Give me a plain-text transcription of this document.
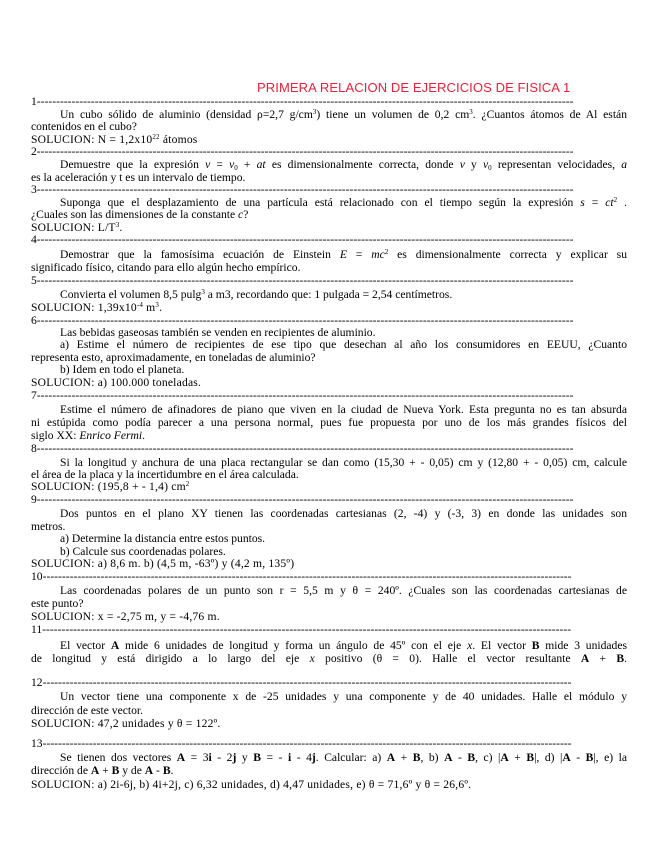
PRIMERA RELACION DE EJERCICIOS DE FISICA 1
1-------------------------------------------------------------------------------------------------------------------------------------------
Un cubo sólido de aluminio (densidad ρ=2,7 $g/cm^3$) tiene un volumen de 0,2 $cm^3$. ¿Cuantos átomos de Al están
contenidos en el cubo?
SOLUCION: $N = 1,2x10^{22}$ átomos
2-------------------------------------------------------------------------------------------------------------------------------------------
Demuestre que la expresión $v = v_0$ + at es dimensionalmente correcta, donde v y $v_0$ representan velocidades, a
es la aceleración y t es un intervalo de tiempo.
3-------------------------------------------------------------------------------------------------------------------------------------------
Suponga que el desplazamiento de una partícula está relacionado con el tiempo según la expresión $s = ct^2$ .
¿Cuales son las dimensiones de la constante c?
SOLUCION: $L/T^3$.
4-------------------------------------------------------------------------------------------------------------------------------------------
Demostrar que la famosísima ecuación de Einstein $E = mc^2$ es dimensionalmente correcta y explicar su
significado físico, citando para ello algún hecho empírico.
5-------------------------------------------------------------------------------------------------------------------------------------------
Convierta el volumen 8,5 pulg$^3$ a m3, recordando que: 1 pulgada = 2,54 centímetros.
SOLUCION: $1,39x10^{-4}$ $m^3$.
6-------------------------------------------------------------------------------------------------------------------------------------------
Las bebidas gaseosas también se venden en recipientes de aluminio.
a) Estime el número de recipientes de ese tipo que desechan al año los consumidores en EEUU, ¿Cuanto
representa esto, aproximadamente, en toneladas de aluminio?
b) Idem en todo el planeta.
SOLUCION: a) 100.000 toneladas.
7-------------------------------------------------------------------------------------------------------------------------------------------
Estime el número de afinadores de piano que viven en la ciudad de Nueva York. Esta pregunta no es tan absurda
ni estúpida como podía parecer a una persona normal, pues fue propuesta por uno de los más grandes físicos del
siglo XX: Enrico Fermi.
8-------------------------------------------------------------------------------------------------------------------------------------------
Si la longitud y anchura de una placa rectangular se dan como (15,30 + - 0,05) cm y (12,80 + - 0,05) cm, calcule
el área de la placa y la incertidumbre en el área calculada.
SOLUCION: (195,8 + - 1,4) $cm^2$
9-------------------------------------------------------------------------------------------------------------------------------------------
Dos puntos en el plano XY tienen las coordenadas cartesianas (2, -4) y (-3, 3) en donde las unidades son
metros.
a) Determine la distancia entre estos puntos.
b) Calcule sus coordenadas polares.
SOLUCION: a) 8,6 m. b) (4,5 m, -63º) y (4,2 m, 135º)
10-----------------------------------------------------------------------------------------------------------------------------------------
Las coordenadas polares de un punto son r = 5,5 m y θ = 240º. ¿Cuales son las coordenadas cartesianas de
este punto?
SOLUCION: x = -2,75 m, y = -4,76 m.
11-----------------------------------------------------------------------------------------------------------------------------------------
El vector A mide 6 unidades de longitud y forma un ángulo de 45º con el eje x. El vector B mide 3 unidades
de longitud y está dirigido a lo largo del eje x positivo (θ = 0). Halle el vector resultante A + B.
12-----------------------------------------------------------------------------------------------------------------------------------------
Un vector tiene una componente x de -25 unidades y una componente y de 40 unidades. Halle el módulo y
dirección de este vector.
SOLUCION: 47,2 unidades y θ = 122º.
13-----------------------------------------------------------------------------------------------------------------------------------------
Se tienen dos vectores A = 3i - 2j y B = - i - 4j. Calcular: a) A + B, b) A - B, c) |A + B|, d) |A - B|, e) la
dirección de A + B y de A - B.
SOLUCION: a) 2i-6j, b) 4i+2j, c) 6,32 unidades, d) 4,47 unidades, e) θ = 71,6º y θ = 26,6º.
